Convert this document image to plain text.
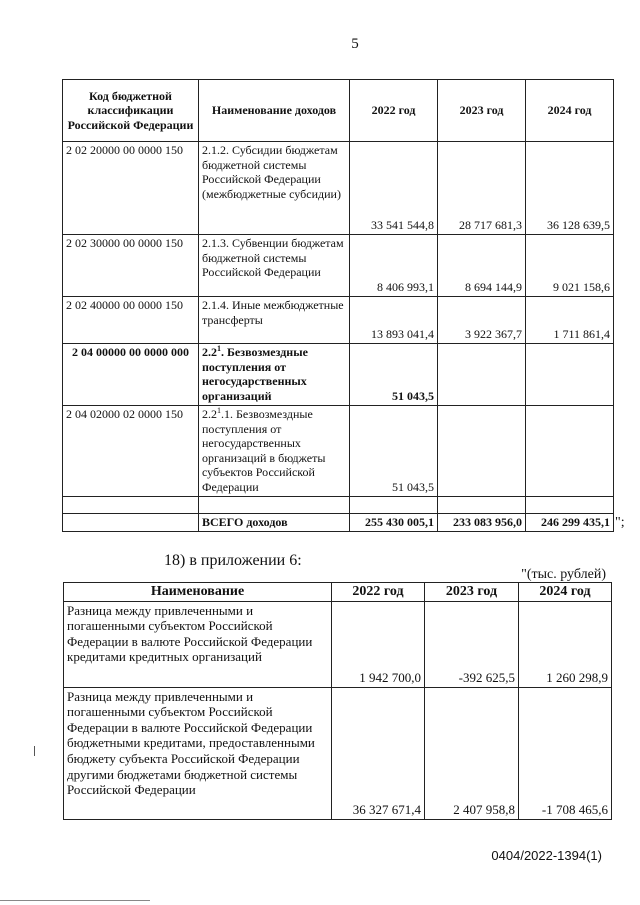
5
Код бюджетной классификации Российской Федерации	Наименование доходов	2022 год	2023 год	2024 год
2 02 20000 00 0000 150	2.1.2. Субсидии бюджетам бюджетной системы Российской Федерации (межбюджетные субсидии)	33 541 544,8	28 717 681,3	36 128 639,5
2 02 30000 00 0000 150	2.1.3. Субвенции бюджетам бюджетной системы Российской Федерации	8 406 993,1	8 694 144,9	9 021 158,6
2 02 40000 00 0000 150	2.1.4. Иные межбюджетные трансферты	13 893 041,4	3 922 367,7	1 711 861,4
2 04 00000 00 0000 000	$2.2^1$. Безвозмездные поступления от негосударственных организаций	51 043,5		
2 04 02000 02 0000 150	$2.2^1.1$. Безвозмездные поступления от негосударственных организаций в бюджеты субъектов Российской Федерации	51 043,5		

	ВСЕГО доходов	255 430 005,1	233 083 956,0	246 299 435,1 ";
18) в приложении 6:
"(тыс. рублей)
Наименование	2022 год	2023 год	2024 год
Разница между привлеченными и погашенными субъектом Российской Федерации в валюте Российской Федерации кредитами кредитных организаций	1 942 700,0	-392 625,5	1 260 298,9
Разница между привлеченными и погашенными субъектом Российской Федерации в валюте Российской Федерации бюджетными кредитами, предоставленными бюджету субъекта Российской Федерации другими бюджетами бюджетной системы Российской Федерации	36 327 671,4	2 407 958,8	-1 708 465,6
0404/2022-1394(1)
